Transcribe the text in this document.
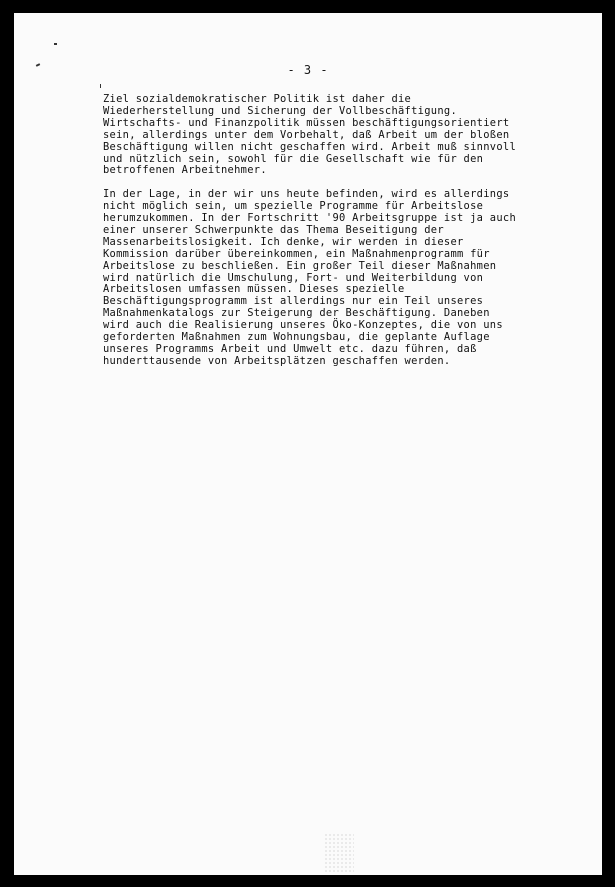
- 3 -

Ziel sozialdemokratischer Politik ist daher die
Wiederherstellung und Sicherung der Vollbeschäftigung.
Wirtschafts- und Finanzpolitik müssen beschäftigungsorientiert
sein, allerdings unter dem Vorbehalt, daß Arbeit um der bloßen
Beschäftigung willen nicht geschaffen wird. Arbeit muß sinnvoll
und nützlich sein, sowohl für die Gesellschaft wie für den
betroffenen Arbeitnehmer.

In der Lage, in der wir uns heute befinden, wird es allerdings
nicht möglich sein, um spezielle Programme für Arbeitslose
herumzukommen. In der Fortschritt '90 Arbeitsgruppe ist ja auch
einer unserer Schwerpunkte das Thema Beseitigung der
Massenarbeitslosigkeit. Ich denke, wir werden in dieser
Kommission darüber übereinkommen, ein Maßnahmenprogramm für
Arbeitslose zu beschließen. Ein großer Teil dieser Maßnahmen
wird natürlich die Umschulung, Fort- und Weiterbildung von
Arbeitslosen umfassen müssen. Dieses spezielle
Beschäftigungsprogramm ist allerdings nur ein Teil unseres
Maßnahmenkatalogs zur Steigerung der Beschäftigung. Daneben
wird auch die Realisierung unseres Öko-Konzeptes, die von uns
geforderten Maßnahmen zum Wohnungsbau, die geplante Auflage
unseres Programms Arbeit und Umwelt etc. dazu führen, daß
hunderttausende von Arbeitsplätzen geschaffen werden.
